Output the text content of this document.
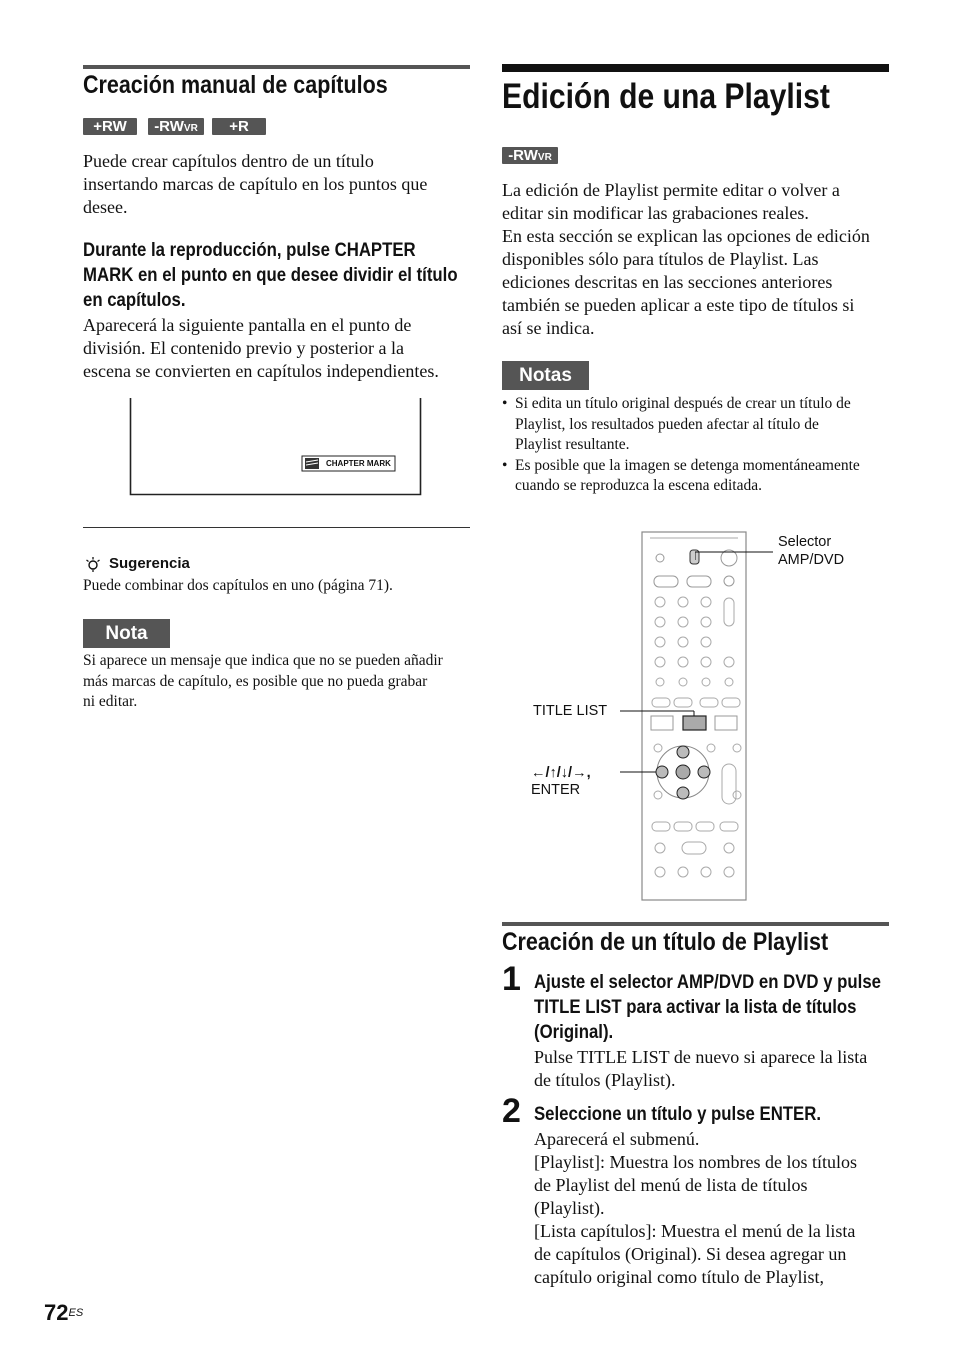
Creación manual de capítulos
+RW	-RWVR	+R
Puede crear capítulos dentro de un título
insertando marcas de capítulo en los puntos que
desee.
Durante la reproducción, pulse CHAPTER
MARK en el punto en que desee dividir el título
en capítulos.
Aparecerá la siguiente pantalla en el punto de
división. El contenido previo y posterior a la
escena se convierten en capítulos independientes.
CHAPTER MARK
Sugerencia
Puede combinar dos capítulos en uno (página 71).
Nota
Si aparece un mensaje que indica que no se pueden añadir
más marcas de capítulo, es posible que no pueda grabar
ni editar.
Edición de una Playlist
-RWVR
La edición de Playlist permite editar o volver a
editar sin modificar las grabaciones reales.
En esta sección se explican las opciones de edición
disponibles sólo para títulos de Playlist. Las
ediciones descritas en las secciones anteriores
también se pueden aplicar a este tipo de títulos si
así se indica.
Notas
• Si edita un título original después de crear un título de
Playlist, los resultados pueden afectar al título de
Playlist resultante.
• Es posible que la imagen se detenga momentáneamente
cuando se reproduzca la escena editada.
Selector
AMP/DVD
TITLE LIST
←/↑/↓/→,
ENTER
Creación de un título de Playlist
1 Ajuste el selector AMP/DVD en DVD y pulse
TITLE LIST para activar la lista de títulos
(Original).
Pulse TITLE LIST de nuevo si aparece la lista
de títulos (Playlist).
2 Seleccione un título y pulse ENTER.
Aparecerá el submenú.
[Playlist]: Muestra los nombres de los títulos
de Playlist del menú de lista de títulos
(Playlist).
[Lista capítulos]: Muestra el menú de la lista
de capítulos (Original). Si desea agregar un
capítulo original como título de Playlist,
$72^{ES}$
